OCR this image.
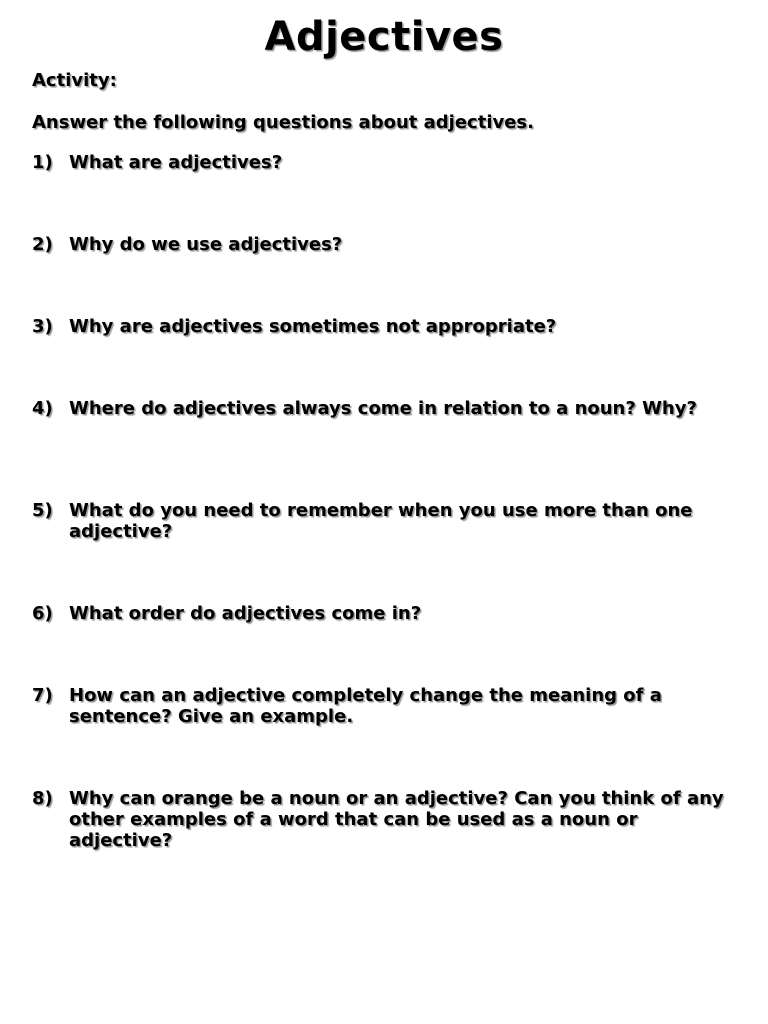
Adjectives

Activity:

Answer the following questions about adjectives.

1) What are adjectives?
2) Why do we use adjectives?
3) Why are adjectives sometimes not appropriate?
4) Where do adjectives always come in relation to a noun? Why?
5) What do you need to remember when you use more than one adjective?
6) What order do adjectives come in?
7) How can an adjective completely change the meaning of a sentence? Give an example.
8) Why can orange be a noun or an adjective? Can you think of any other examples of a word that can be used as a noun or adjective?
